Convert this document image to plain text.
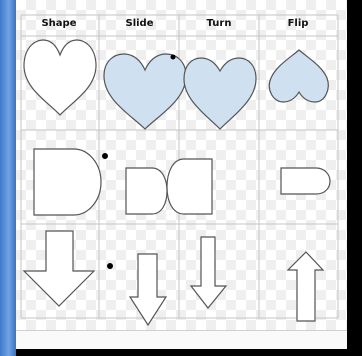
Shape	Slide	Turn	Flip
